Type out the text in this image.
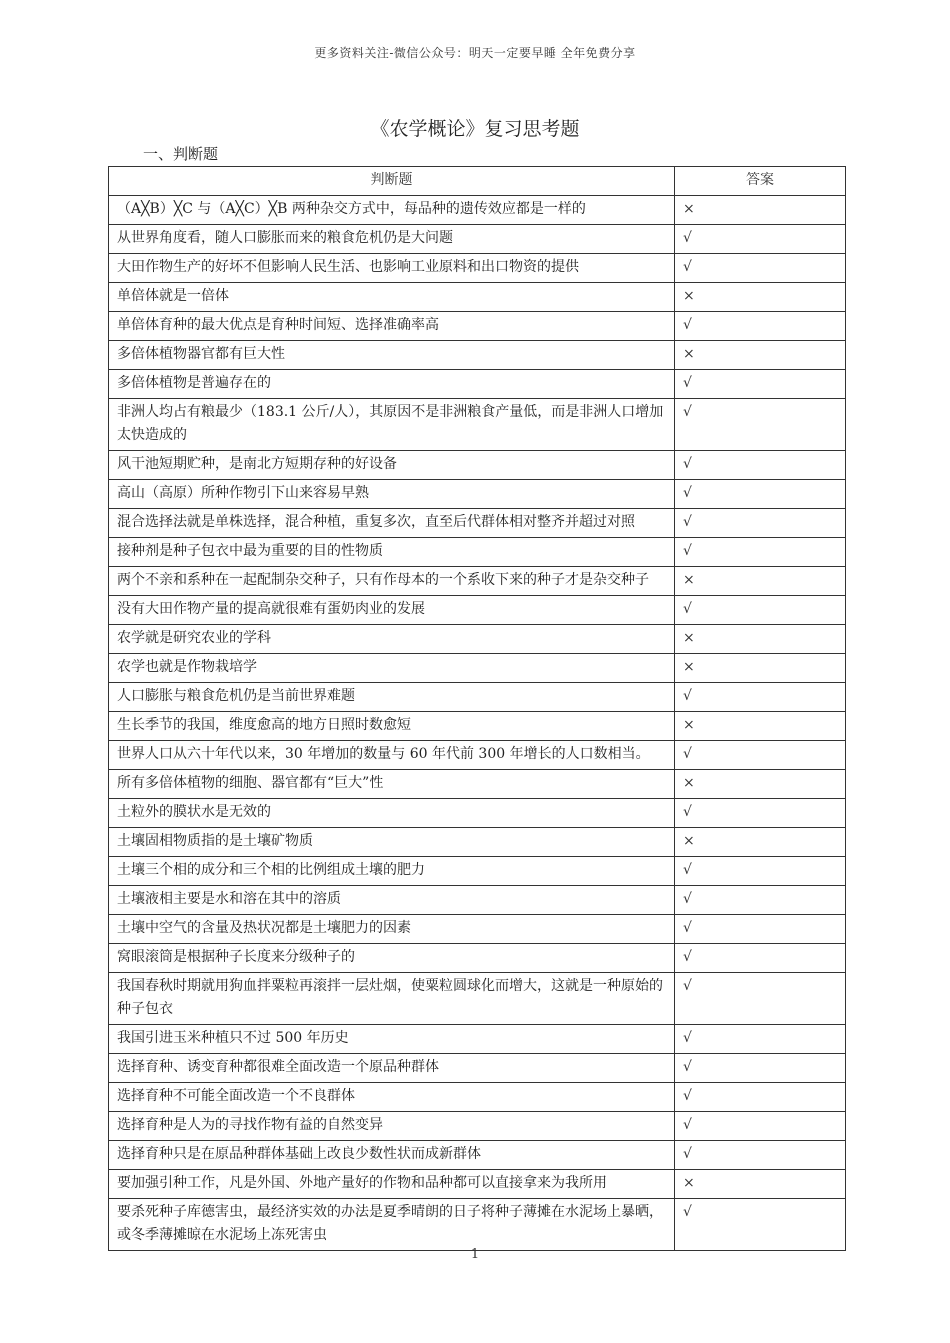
更多资料关注-微信公众号：明天一定要早睡 全年免费分享
《农学概论》复习思考题
一、判断题
判断题	答案
（A╳B）╳C 与（A╳C）╳B 两种杂交方式中，每品种的遗传效应都是一样的	×
从世界角度看，随人口膨胀而来的粮食危机仍是大问题	√
大田作物生产的好坏不但影响人民生活、也影响工业原料和出口物资的提供	√
单倍体就是一倍体	×
单倍体育种的最大优点是育种时间短、选择准确率高	√
多倍体植物器官都有巨大性	×
多倍体植物是普遍存在的	√
非洲人均占有粮最少（183.1 公斤/人），其原因不是非洲粮食产量低，而是非洲人口增加太快造成的	√
风干池短期贮种，是南北方短期存种的好设备	√
高山（高原）所种作物引下山来容易早熟	√
混合选择法就是单株选择，混合种植，重复多次，直至后代群体相对整齐并超过对照	√
接种剂是种子包衣中最为重要的目的性物质	√
两个不亲和系种在一起配制杂交种子，只有作母本的一个系收下来的种子才是杂交种子	×
没有大田作物产量的提高就很难有蛋奶肉业的发展	√
农学就是研究农业的学科	×
农学也就是作物栽培学	×
人口膨胀与粮食危机仍是当前世界难题	√
生长季节的我国，维度愈高的地方日照时数愈短	×
世界人口从六十年代以来，30 年增加的数量与 60 年代前 300 年增长的人口数相当。	√
所有多倍体植物的细胞、器官都有“巨大”性	×
土粒外的膜状水是无效的	√
土壤固相物质指的是土壤矿物质	×
土壤三个相的成分和三个相的比例组成土壤的肥力	√
土壤液相主要是水和溶在其中的溶质	√
土壤中空气的含量及热状况都是土壤肥力的因素	√
窝眼滚筒是根据种子长度来分级种子的	√
我国春秋时期就用狗血拌粟粒再滚拌一层灶烟，使粟粒圆球化而增大，这就是一种原始的种子包衣	√
我国引进玉米种植只不过 500 年历史	√
选择育种、诱变育种都很难全面改造一个原品种群体	√
选择育种不可能全面改造一个不良群体	√
选择育种是人为的寻找作物有益的自然变异	√
选择育种只是在原品种群体基础上改良少数性状而成新群体	√
要加强引种工作，凡是外国、外地产量好的作物和品种都可以直接拿来为我所用	×
要杀死种子库德害虫，最经济实效的办法是夏季晴朗的日子将种子薄摊在水泥场上暴晒，或冬季薄摊晾在水泥场上冻死害虫	√
1
